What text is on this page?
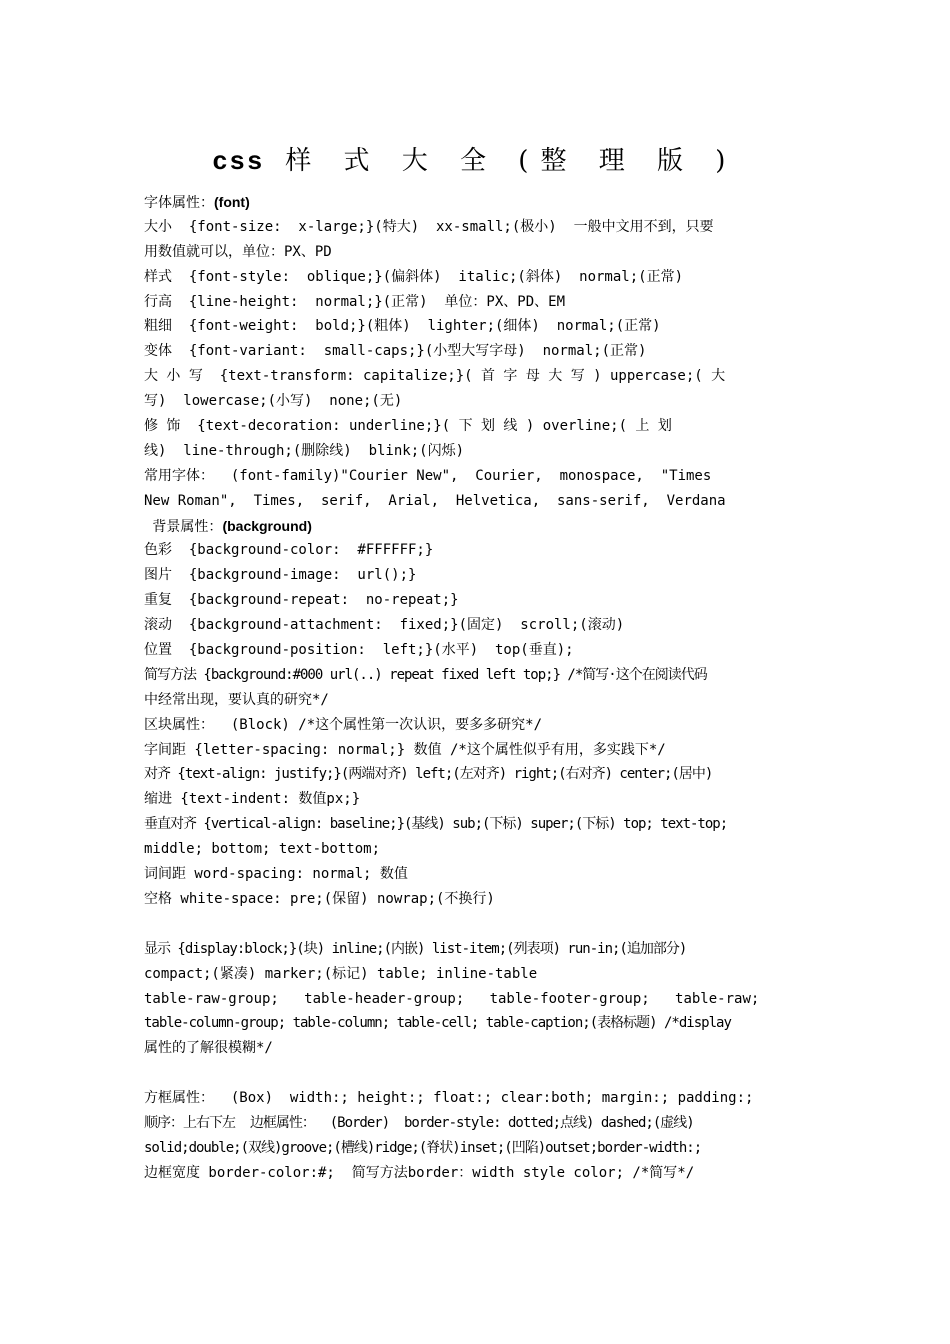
css 样 式 大 全 (整 理 版 )
字体属性：(font)
大小  {font-size:  x-large;}(特大)  xx-small;(极小)  一般中文用不到，只要
用数值就可以，单位：PX、PD
样式  {font-style:  oblique;}(偏斜体)  italic;(斜体)  normal;(正常)
行高  {line-height:  normal;}(正常)  单位：PX、PD、EM
粗细  {font-weight:  bold;}(粗体)  lighter;(细体)  normal;(正常)
变体  {font-variant:  small-caps;}(小型大写字母)  normal;(正常)
大 小 写  {text-transform: capitalize;}( 首 字 母 大 写 ) uppercase;( 大
写)  lowercase;(小写)  none;(无)
修 饰  {text-decoration: underline;}( 下 划 线 ) overline;( 上 划
线)  line-through;(删除线)  blink;(闪烁)
常用字体：  (font-family)"Courier New",  Courier,  monospace,  "Times
New Roman",  Times,  serif,  Arial,  Helvetica,  sans-serif,  Verdana
背景属性：(background)
色彩  {background-color:  #FFFFFF;}
图片  {background-image:  url();}
重复  {background-repeat:  no-repeat;}
滚动  {background-attachment:  fixed;}(固定)  scroll;(滚动)
位置  {background-position:  left;}(水平)  top(垂直);
简写方法 {background:#000 url(..) repeat fixed left top;} /*简写·这个在阅读代码
中经常出现，要认真的研究*/
区块属性：  (Block) /*这个属性第一次认识，要多多研究*/
字间距 {letter-spacing: normal;} 数值 /*这个属性似乎有用，多实践下*/
对齐 {text-align: justify;}(两端对齐) left;(左对齐) right;(右对齐) center;(居中)
缩进 {text-indent: 数值px;}
垂直对齐 {vertical-align: baseline;}(基线) sub;(下标) super;(下标) top; text-top;
middle; bottom; text-bottom;
词间距 word-spacing: normal; 数值
空格 white-space: pre;(保留) nowrap;(不换行)
显示 {display:block;}(块) inline;(内嵌) list-item;(列表项) run-in;(追加部分)
compact;(紧凑) marker;(标记) table; inline-table
table-raw-group;   table-header-group;   table-footer-group;   table-raw;
table-column-group; table-column; table-cell; table-caption;(表格标题) /*display
属性的了解很模糊*/
方框属性：  (Box)  width:; height:; float:; clear:both; margin:; padding:;
顺序：上右下左  边框属性：  (Border)  border-style: dotted;点线) dashed;(虚线)
solid;double;(双线)groove;(槽线)ridge;(脊状)inset;(凹陷)outset;border-width:;
边框宽度 border-color:#;  简写方法border：width style color; /*简写*/
